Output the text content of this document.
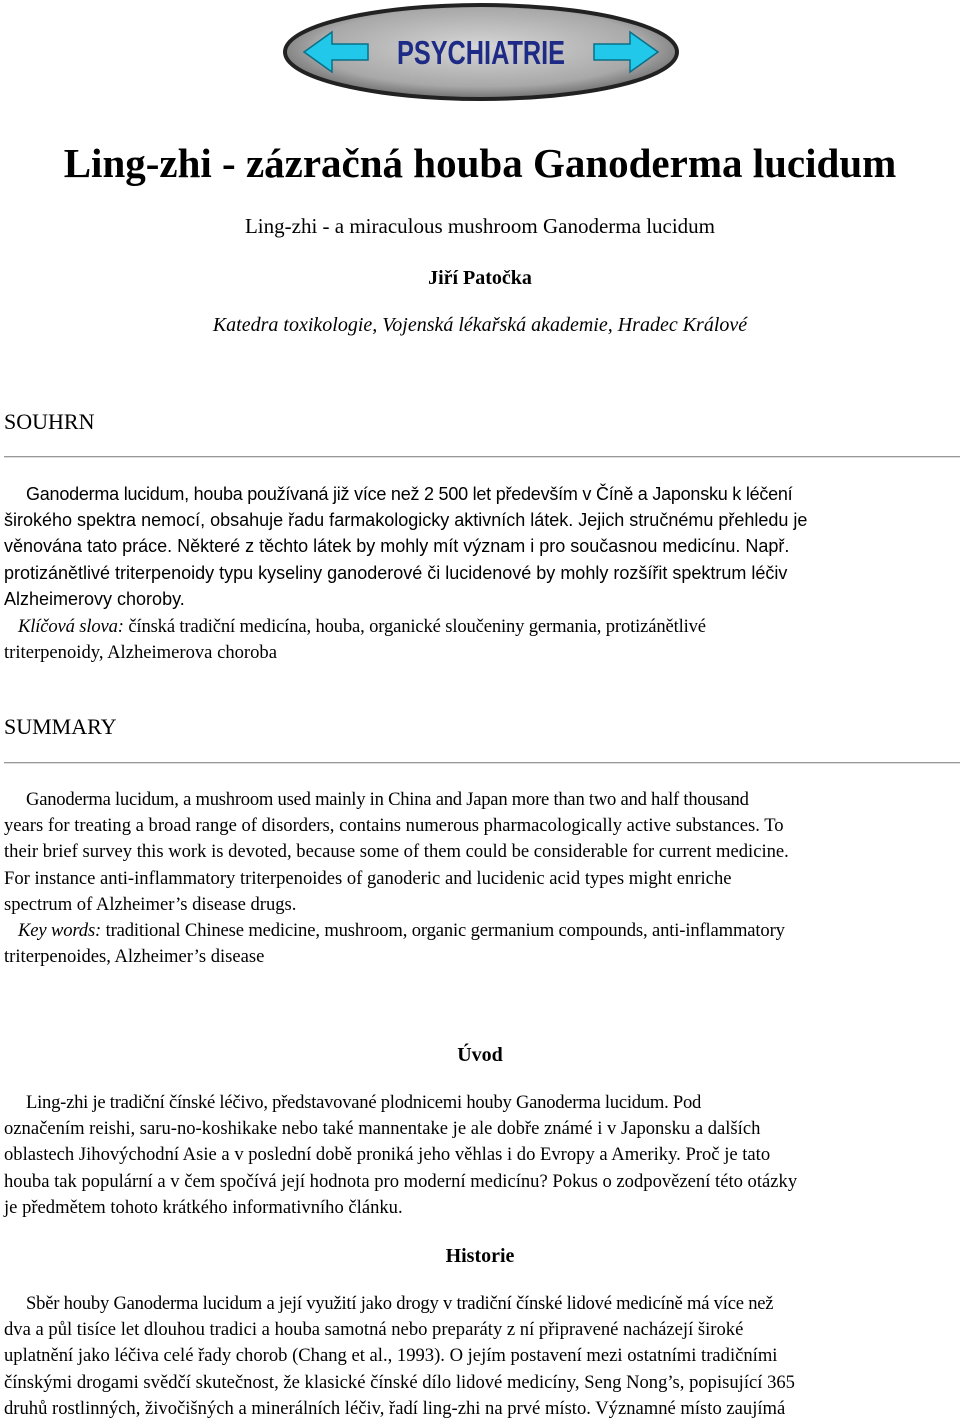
PSYCHIATRIE
Ling-zhi - zázračná houba Ganoderma lucidum
Ling-zhi - a miraculous mushroom Ganoderma lucidum
Jiří Patočka
Katedra toxikologie, Vojenská lékařská akademie, Hradec Králové
SOUHRN

Ganoderma lucidum, houba používaná již více než 2 500 let především v Číně a Japonsku k léčení
širokého spektra nemocí, obsahuje řadu farmakologicky aktivních látek. Jejich stručnému přehledu je
věnována tato práce. Některé z těchto látek by mohly mít význam i pro současnou medicínu. Např.
protizánětlivé triterpenoidy typu kyseliny ganoderové či lucidenové by mohly rozšířit spektrum léčiv
Alzheimerovy choroby.

Klíčová slova: čínská tradiční medicína, houba, organické sloučeniny germania, protizánětlivé
triterpenoidy, Alzheimerova choroba

SUMMARY

Ganoderma lucidum, a mushroom used mainly in China and Japan more than two and half thousand
years for treating a broad range of disorders, contains numerous pharmacologically active substances. To
their brief survey this work is devoted, because some of them could be considerable for current medicine.
For instance anti-inflammatory triterpenoides of ganoderic and lucidenic acid types might enriche
spectrum of Alzheimer’s disease drugs.
Key words: traditional Chinese medicine, mushroom, organic germanium compounds, anti-inflammatory
triterpenoides, Alzheimer’s disease

Úvod

Ling-zhi je tradiční čínské léčivo, představované plodnicemi houby Ganoderma lucidum. Pod
označením reishi, saru-no-koshikake nebo také mannentake je ale dobře známé i v Japonsku a dalších
oblastech Jihovýchodní Asie a v poslední době proniká jeho věhlas i do Evropy a Ameriky. Proč je tato
houba tak populární a v čem spočívá její hodnota pro moderní medicínu? Pokus o zodpovězení této otázky
je předmětem tohoto krátkého informativního článku.

Historie

Sběr houby Ganoderma lucidum a její využití jako drogy v tradiční čínské lidové medicíně má více než
dva a půl tisíce let dlouhou tradici a houba samotná nebo preparáty z ní připravené nacházejí široké
uplatnění jako léčiva celé řady chorob (Chang et al., 1993). O jejím postavení mezi ostatními tradičními
čínskými drogami svědčí skutečnost, že klasické čínské dílo lidové medicíny, Seng Nong’s, popisující 365
druhů rostlinných, živočišných a minerálních léčiv, řadí ling-zhi na prvé místo. Významné místo zaujímá
